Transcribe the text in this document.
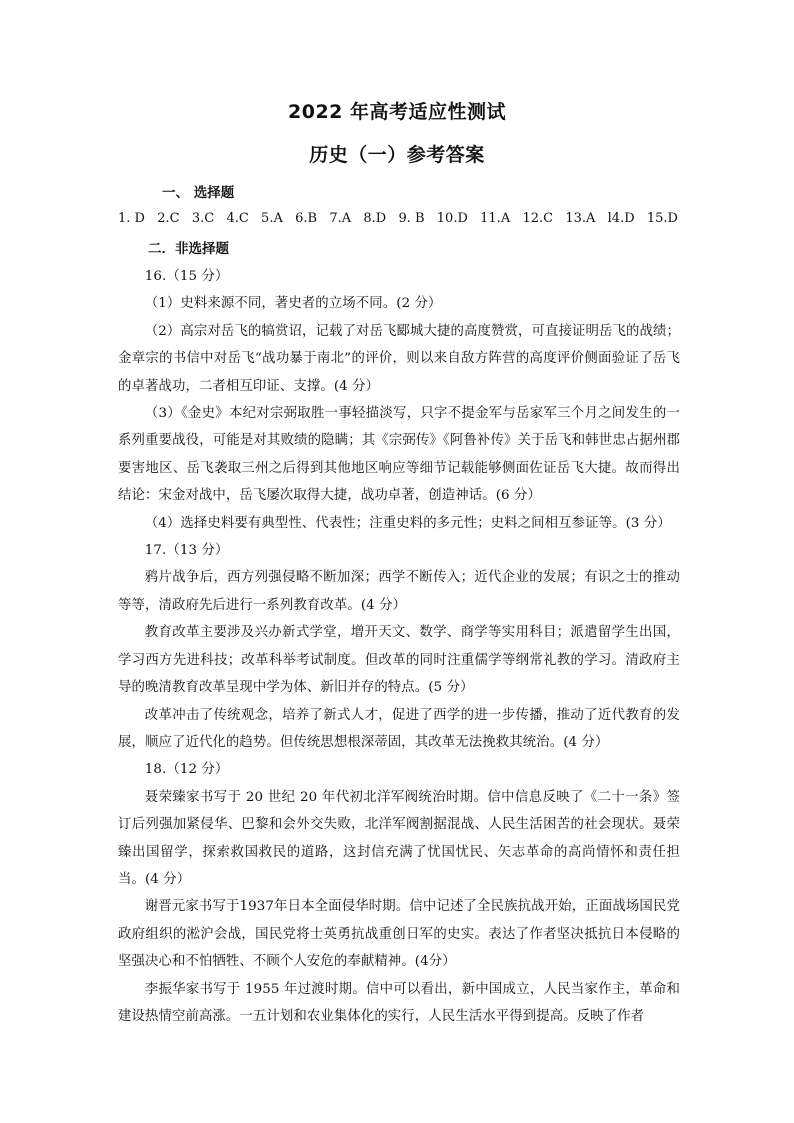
2022 年高考适应性测试
历史（一）参考答案
一、 选择题
1. D 2.C 3.C 4.C 5.A 6.B 7.A 8.D 9. B 10.D 11.A 12.C 13.A l4.D 15.D
二．非选择题

16.（15 分）

（1）史料来源不同，著史者的立场不同。(2 分）

（2）高宗对岳飞的犒赏诏，记载了对岳飞郾城大捷的高度赞赏，可直接证明岳飞的战绩；金章宗的书信中对岳飞“战功暴于南北”的评价，则以来自敌方阵营的高度评价侧面验证了岳飞的卓著战功，二者相互印证、支撑。(4 分）

（3）《金史》本纪对宗弼取胜一事轻描淡写，只字不提金军与岳家军三个月之间发生的一系列重要战役，可能是对其败绩的隐瞒；其《宗弼传》《阿鲁补传》关于岳飞和韩世忠占据州郡要害地区、岳飞袭取三州之后得到其他地区响应等细节记载能够侧面佐证岳飞大捷。故而得出结论：宋金对战中，岳飞屡次取得大捷，战功卓著，创造神话。(6 分）

（4）选择史料要有典型性、代表性；注重史料的多元性；史料之间相互参证等。(3 分）

17.（13 分）

鸦片战争后，西方列强侵略不断加深；西学不断传入；近代企业的发展；有识之士的推动等等，清政府先后进行一系列教育改革。(4 分）

教育改革主要涉及兴办新式学堂，增开天文、数学、商学等实用科目；派遣留学生出国，学习西方先进科技；改革科举考试制度。但改革的同时注重儒学等纲常礼教的学习。清政府主导的晚清教育改革呈现中学为体、新旧并存的特点。(5 分）

改革冲击了传统观念，培养了新式人才，促进了西学的进一步传播，推动了近代教育的发展，顺应了近代化的趋势。但传统思想根深蒂固，其改革无法挽救其统治。(4 分）

18.（12 分）

聂荣臻家书写于 20 世纪 20 年代初北洋军阀统治时期。信中信息反映了《二十一条》签订后列强加紧侵华、巴黎和会外交失败，北洋军阀割据混战、人民生活困苦的社会现状。聂荣臻出国留学，探索救国救民的道路，这封信充满了忧国忧民、矢志革命的高尚情怀和责任担当。(4 分）

谢晋元家书写于1937年日本全面侵华时期。信中记述了全民族抗战开始，正面战场国民党政府组织的淞沪会战，国民党将士英勇抗战重创日军的史实。表达了作者坚决抵抗日本侵略的坚强决心和不怕牺牲、不顾个人安危的奉献精神。(4分）

李振华家书写于 1955 年过渡时期。信中可以看出，新中国成立，人民当家作主，革命和建设热情空前高涨。一五计划和农业集体化的实行，人民生活水平得到提高。反映了作者
